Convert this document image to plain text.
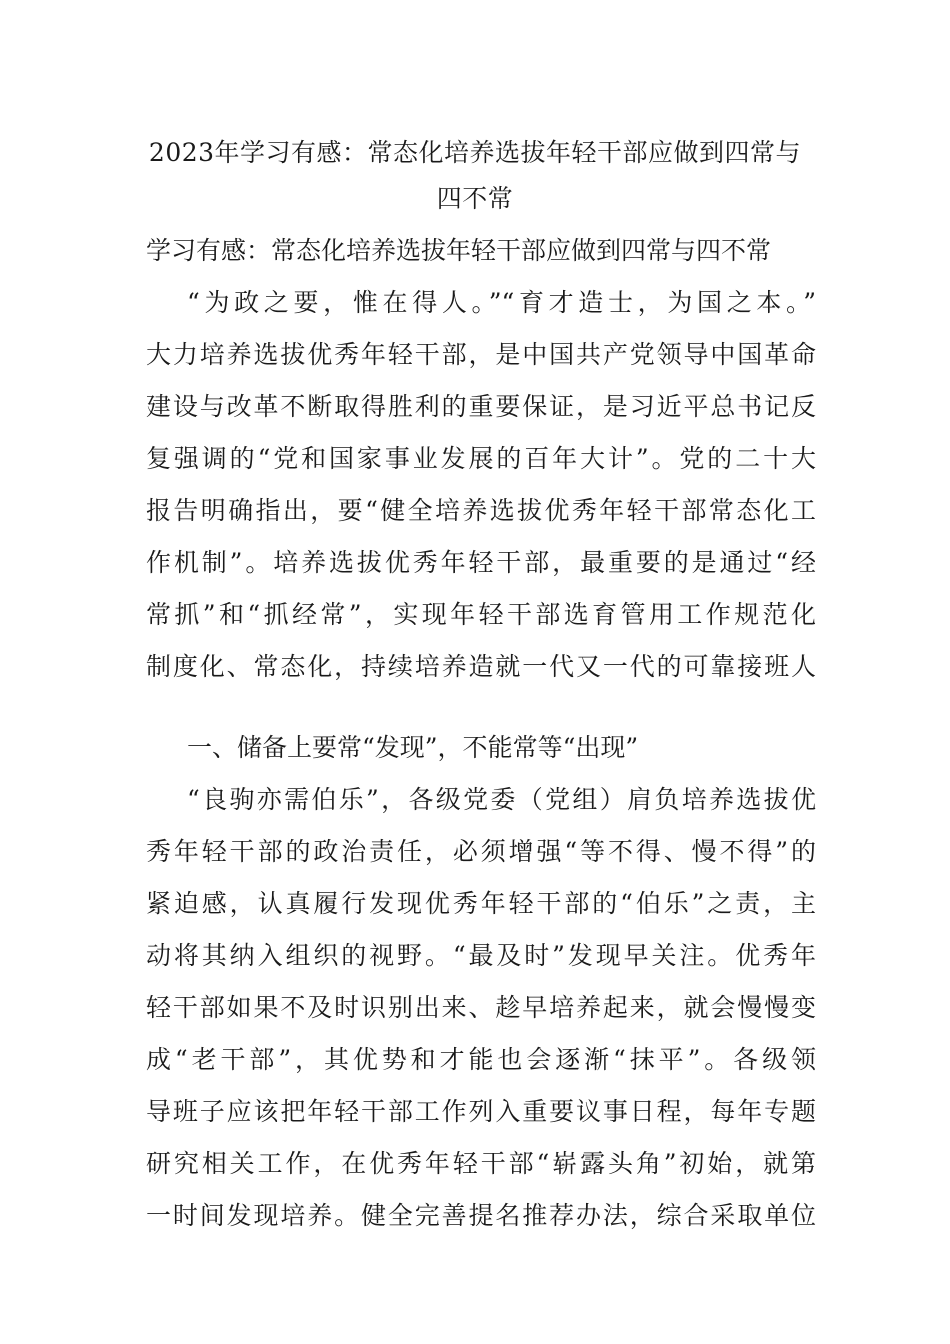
2023年学习有感：常态化培养选拔年轻干部应做到四常与四不常
学习有感：常态化培养选拔年轻干部应做到四常与四不常
“为政之要，惟在得人。”“育才造士，为国之本。”
大力培养选拔优秀年轻干部，是中国共产党领导中国革命
建设与改革不断取得胜利的重要保证，是习近平总书记反
复强调的“党和国家事业发展的百年大计”。党的二十大
报告明确指出，要“健全培养选拔优秀年轻干部常态化工
作机制”。培养选拔优秀年轻干部，最重要的是通过“经
常抓”和“抓经常”，实现年轻干部选育管用工作规范化
制度化、常态化，持续培养造就一代又一代的可靠接班人
一、储备上要常“发现”，不能常等“出现”
“良驹亦需伯乐”，各级党委（党组）肩负培养选拔优
秀年轻干部的政治责任，必须增强“等不得、慢不得”的
紧迫感，认真履行发现优秀年轻干部的“伯乐”之责，主
动将其纳入组织的视野。“最及时”发现早关注。优秀年
轻干部如果不及时识别出来、趁早培养起来，就会慢慢变
成“老干部”，其优势和才能也会逐渐“抹平”。各级领
导班子应该把年轻干部工作列入重要议事日程，每年专题
研究相关工作，在优秀年轻干部“崭露头角”初始，就第
一时间发现培养。健全完善提名推荐办法，综合采取单位
